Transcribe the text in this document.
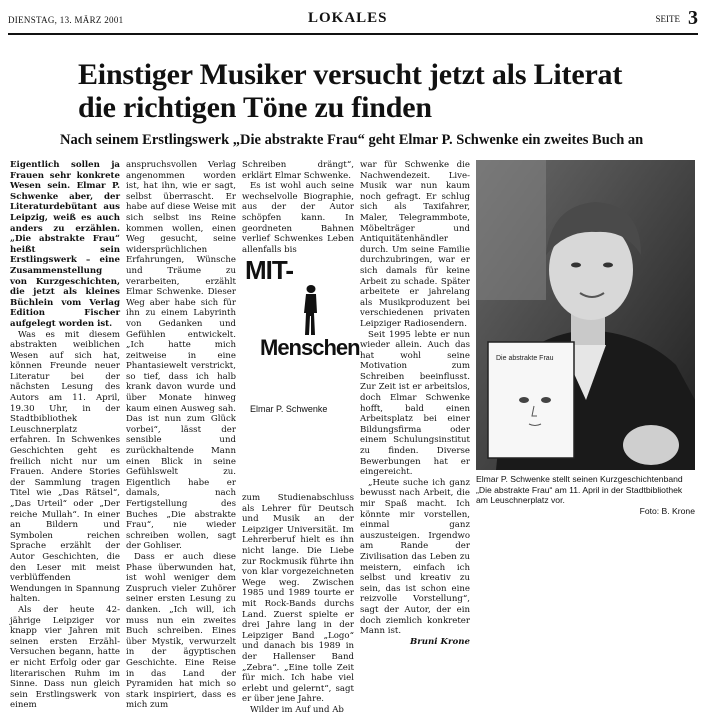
DIENSTAG, 13. MÄRZ 2001	LOKALES	SEITE 3
Einstiger Musiker versucht jetzt als Literat die richtigen Töne zu finden
Nach seinem Erstlingswerk „Die abstrakte Frau“ geht Elmar P. Schwenke ein zweites Buch an

Eigentlich sollen ja Frauen sehr konkrete Wesen sein. Elmar P. Schwenke aber, der Literaturdebütant aus Leipzig, weiß es auch anders zu erzählen. „Die abstrakte Frau“ heißt sein Erstlingswerk – eine Zusammenstellung von Kurzgeschichten, die jetzt als kleines Büchlein vom Verlag Edition Fischer aufgelegt worden ist.

Was es mit diesem abstrakten weiblichen Wesen auf sich hat, können Freunde neuer Literatur bei der nächsten Lesung des Autors am 11. April, 19.30 Uhr, in der Stadtbibliothek Leuschnerplatz erfahren. In Schwenkes Geschichten geht es freilich nicht nur um Frauen. Andere Stories der Sammlung tragen Titel wie „Das Rätsel“, „Das Urteil“ oder „Der reiche Mullah“. In einer an Bildern und Symbolen reichen Sprache erzählt der Autor Geschichten, die den Leser mit meist verblüffenden Wendungen in Spannung halten.

Als der heute 42-jährige Leipziger vor knapp vier Jahren mit seinen ersten Erzähl-Versuchen begann, hatte er nicht Erfolg oder gar literarischen Ruhm im Sinne. Dass nun gleich sein Erstlingswerk von einem

anspruchsvollen Verlag angenommen worden ist, hat ihn, wie er sagt, selbst überrascht. Er habe auf diese Weise mit sich selbst ins Reine kommen wollen, einen Weg gesucht, seine widersprüchlichen Erfahrungen, Wünsche und Träume zu verarbeiten, erzählt Elmar Schwenke. Dieser Weg aber habe sich für ihn zu einem Labyrinth von Gedanken und Gefühlen entwickelt. „Ich hatte mich zeitweise in eine Phantasiewelt verstrickt, so tief, dass ich halb krank davon wurde und über Monate hinweg kaum einen Ausweg sah. Das ist nun zum Glück vorbei“, lässt der sensible und zurückhaltende Mann einen Blick in seine Gefühlswelt zu. Eigentlich habe er damals, nach Fertigstellung des Buches „Die abstrakte Frau“, nie wieder schreiben wollen, sagt der Gohliser.

Dass er auch diese Phase überwunden hat, ist wohl weniger dem Zuspruch vieler Zuhörer seiner ersten Lesung zu danken. „Ich will, ich muss nun ein zweites Buch schreiben. Eines über Mystik, verwurzelt in der ägyptischen Geschichte. Eine Reise in das Land der Pyramiden hat mich so stark inspiriert, dass es mich zum

Schreiben drängt“, erklärt Elmar Schwenke.

Es ist wohl auch seine wechselvolle Biographie, aus der der Autor schöpfen kann. In geordneten Bahnen verlief Schwenkes Leben allenfalls bis

zum Studienabschluss als Lehrer für Deutsch und Musik an der Leipziger Universität. Im Lehrerberuf hielt es ihn nicht lange. Die Liebe zur Rockmusik führte ihn von klar vorgezeichneten Wege weg. Zwischen 1985 und 1989 tourte er mit Rock-Bands durchs Land. Zuerst spielte er drei Jahre lang in der Leipziger Band „Logo“ und danach bis 1989 in der Hallenser Band „Zebra“. „Eine tolle Zeit für mich. Ich habe viel erlebt und gelernt“, sagt er über jene Jahre.

Wilder im Auf und Ab

MIT-
Menschen
Elmar P. Schwenke

war für Schwenke die Nachwendezeit. Live-Musik war nun kaum noch gefragt. Er schlug sich als Taxifahrer, Maler, Telegrammbote, Möbelträger und Antiquitätenhändler durch. Um seine Familie durchzubringen, war er sich damals für keine Arbeit zu schade. Später arbeitete er jahrelang als Musikproduzent bei verschiedenen privaten Leipziger Radiosendern.

Seit 1995 lebte er nun wieder allein. Auch das hat wohl seine Motivation zum Schreiben beeinflusst. Zur Zeit ist er arbeitslos, doch Elmar Schwenke hofft, bald einen Arbeitsplatz bei einer Bildungsfirma oder einem Schulungsinstitut zu finden. Diverse Bewerbungen hat er eingereicht.

„Heute suche ich ganz bewusst nach Arbeit, die mir Spaß macht. Ich könnte mir vorstellen, einmal ganz auszusteigen. Irgendwo am Rande der Zivilisation das Leben zu meistern, einfach ich selbst und kreativ zu sein, das ist schon eine reizvolle Vorstellung“, sagt der Autor, der ein doch ziemlich konkreter Mann ist.

Bruni Krone

Die abstrakte Frau
Elmar P. Schwenke stellt seinen Kurzgeschichtenband „Die abstrakte Frau“ am 11. April in der Stadtbibliothek am Leuschnerplatz vor.
Foto: B. Krone
